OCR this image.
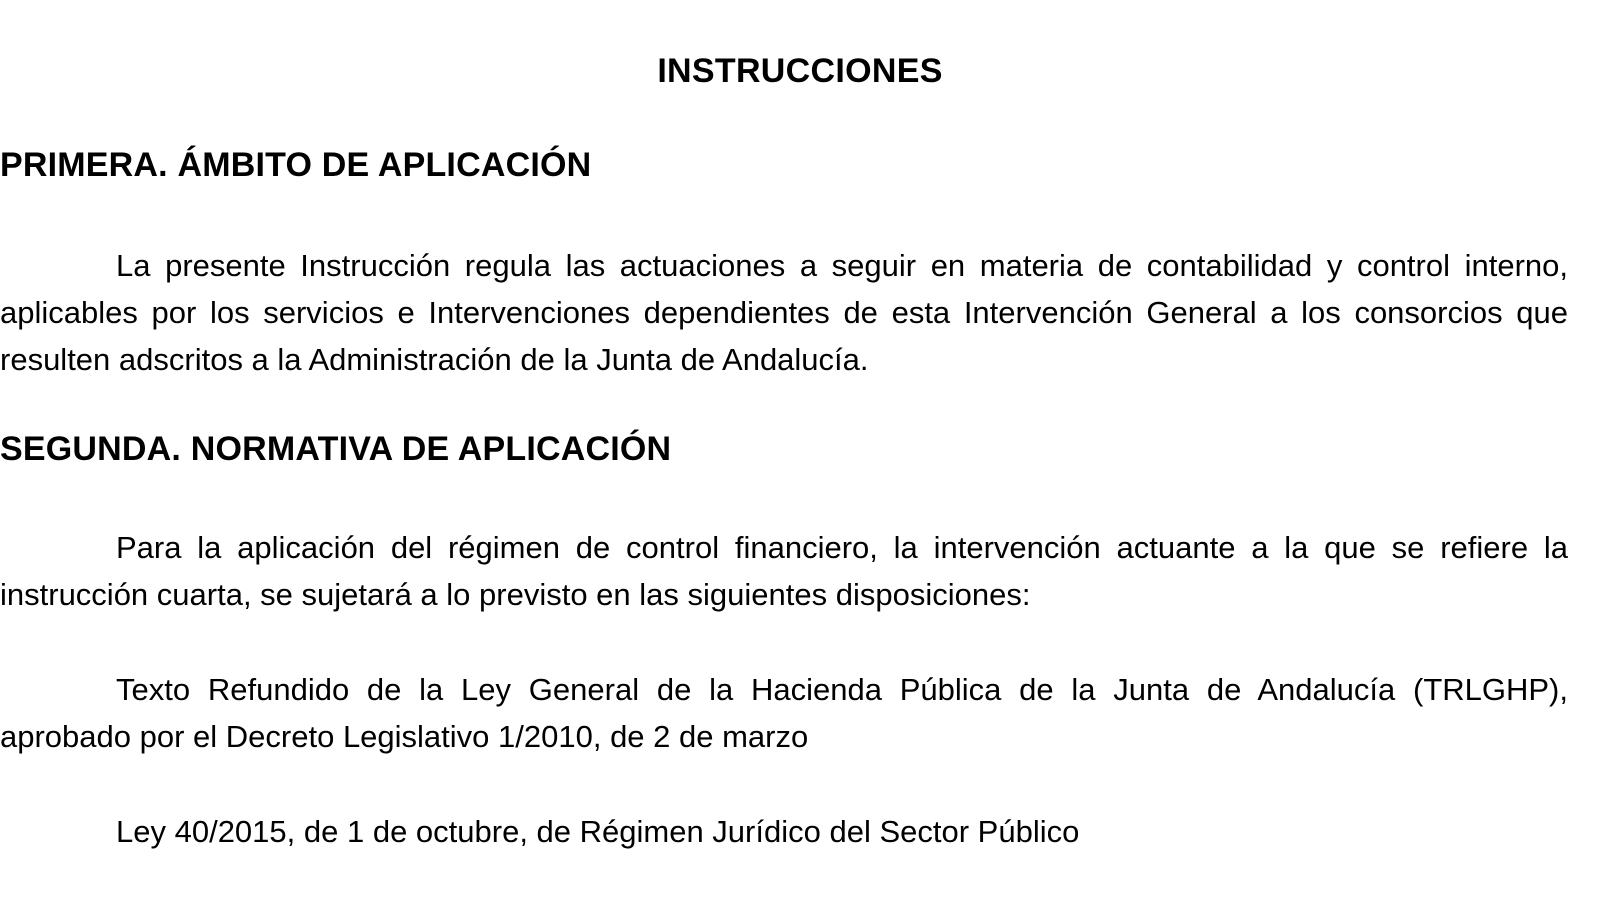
INSTRUCCIONES
PRIMERA. ÁMBITO DE APLICACIÓN

La presente Instrucción regula las actuaciones a seguir en materia de contabilidad y control interno, aplicables por los servicios e Intervenciones dependientes de esta Intervención General a los consorcios que resulten adscritos a la Administración de la Junta de Andalucía.

SEGUNDA. NORMATIVA DE APLICACIÓN

Para la aplicación del régimen de control financiero, la intervención actuante a la que se refiere la instrucción cuarta, se sujetará a lo previsto en las siguientes disposiciones:

Texto Refundido de la Ley General de la Hacienda Pública de la Junta de Andalucía (TRLGHP), aprobado por el Decreto Legislativo 1/2010, de 2 de marzo

Ley 40/2015, de 1 de octubre, de Régimen Jurídico del Sector Público
